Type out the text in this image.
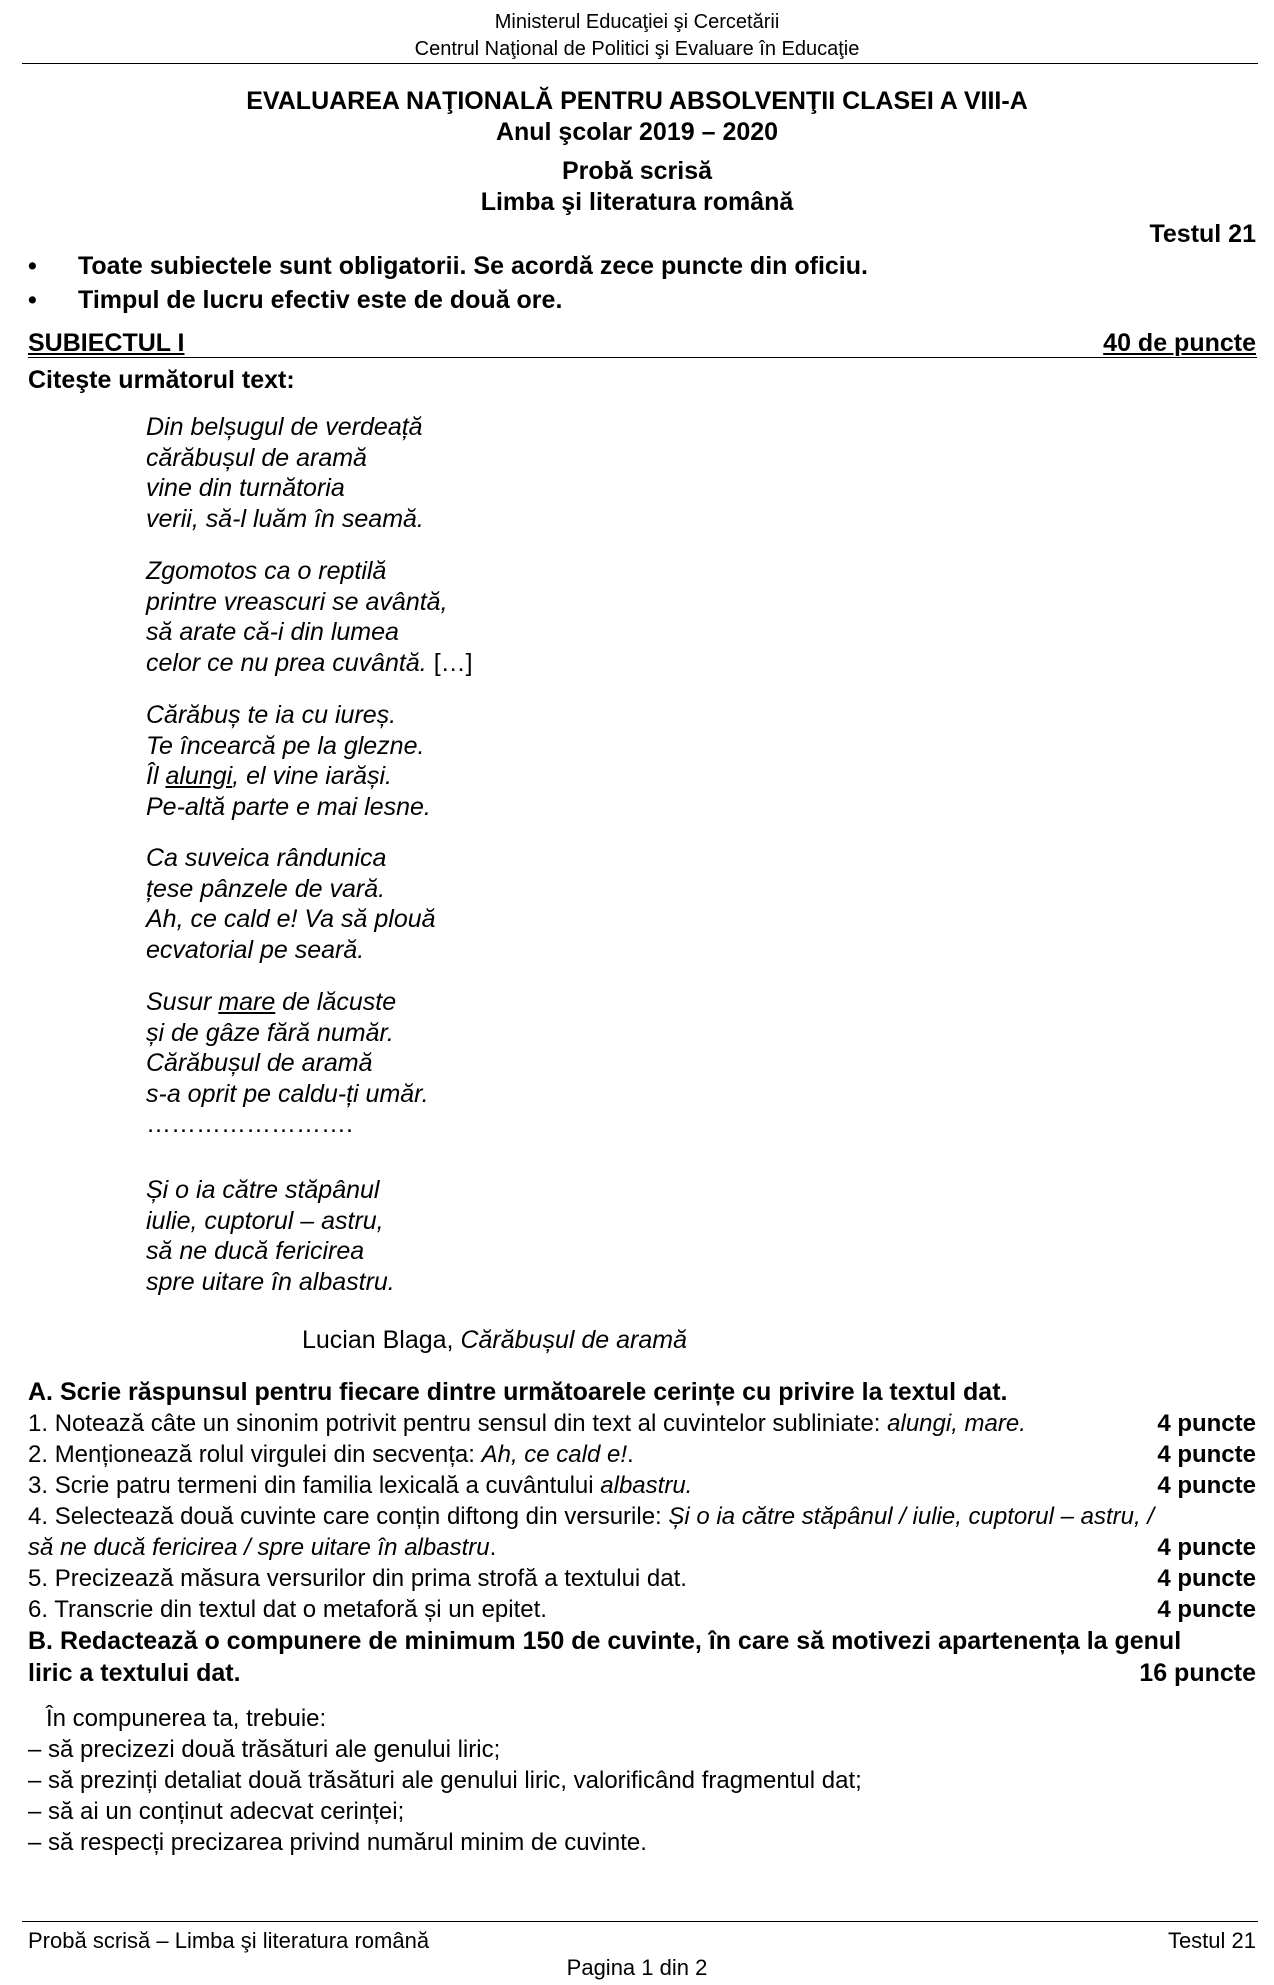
Ministerul Educaţiei şi Cercetării
Centrul Naţional de Politici şi Evaluare în Educaţie
EVALUAREA NAŢIONALĂ PENTRU ABSOLVENŢII CLASEI A VIII-A
Anul şcolar 2019 – 2020
Probă scrisă
Limba şi literatura română
Testul 21
•	Toate subiectele sunt obligatorii. Se acordă zece puncte din oficiu.
•	Timpul de lucru efectiv este de două ore.
SUBIECTUL I	40 de puncte
Citeşte următorul text:
Din belșugul de verdeață
cărăbușul de aramă
vine din turnătoria
verii, să-l luăm în seamă.
Zgomotos ca o reptilă
printre vreascuri se avântă,
să arate că-i din lumea
celor ce nu prea cuvântă. […]
Cărăbuș te ia cu iureș.
Te încearcă pe la glezne.
Îl alungi, el vine iarăși.
Pe-altă parte e mai lesne.
Ca suveica rândunica
țese pânzele de vară.
Ah, ce cald e! Va să plouă
ecvatorial pe seară.
Susur mare de lăcuste
și de gâze fără număr.
Cărăbușul de aramă
s-a oprit pe caldu-ți umăr.
…………………….
Și o ia către stăpânul
iulie, cuptorul – astru,
să ne ducă fericirea
spre uitare în albastru.
Lucian Blaga, Cărăbușul de aramă
A. Scrie răspunsul pentru fiecare dintre următoarele cerințe cu privire la textul dat.
1. Notează câte un sinonim potrivit pentru sensul din text al cuvintelor subliniate: alungi, mare.	4 puncte
2. Menționează rolul virgulei din secvența: Ah, ce cald e!.	4 puncte
3. Scrie patru termeni din familia lexicală a cuvântului albastru.	4 puncte
4. Selectează două cuvinte care conțin diftong din versurile: Și o ia către stăpânul / iulie, cuptorul – astru, /
să ne ducă fericirea / spre uitare în albastru.	4 puncte
5. Precizează măsura versurilor din prima strofă a textului dat.	4 puncte
6. Transcrie din textul dat o metaforă și un epitet.	4 puncte
B. Redactează o compunere de minimum 150 de cuvinte, în care să motivezi apartenența la genul
liric a textului dat.	16 puncte
În compunerea ta, trebuie:
– să precizezi două trăsături ale genului liric;
– să prezinți detaliat două trăsături ale genului liric, valorificând fragmentul dat;
– să ai un conținut adecvat cerinței;
– să respecți precizarea privind numărul minim de cuvinte.
Probă scrisă – Limba şi literatura română	Testul 21
Pagina 1 din 2
